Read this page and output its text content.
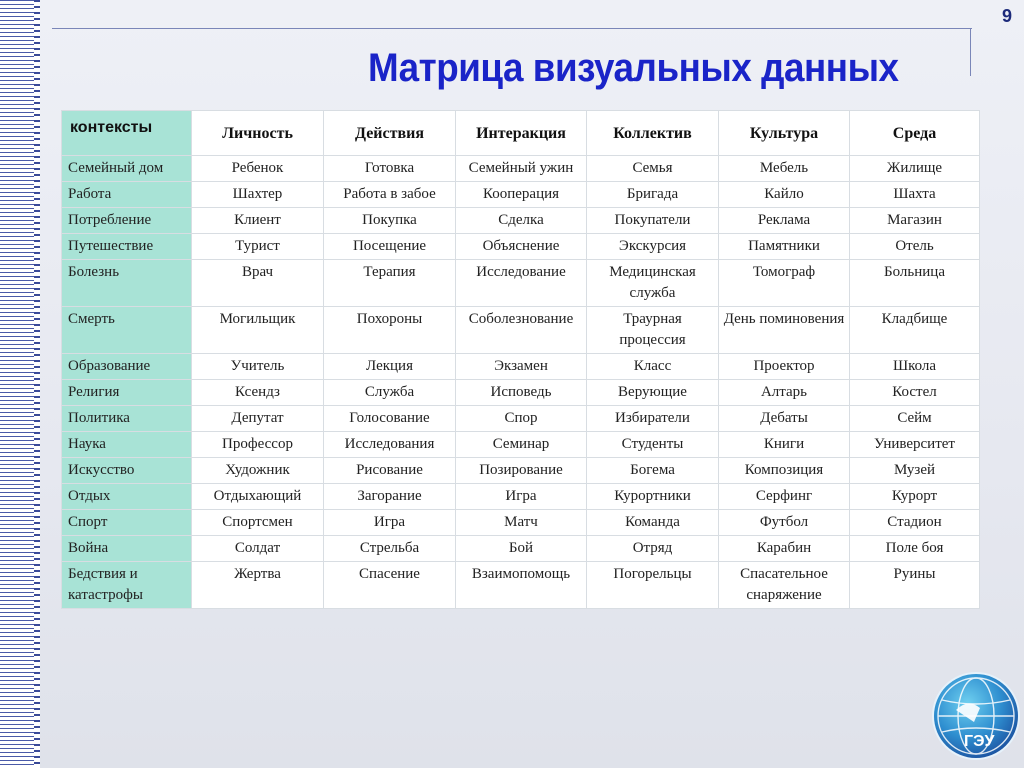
9
Матрица визуальных данных
контексты	Личность	Действия	Интеракция	Коллектив	Культура	Среда
Семейный дом	Ребенок	Готовка	Семейный ужин	Семья	Мебель	Жилище
Работа	Шахтер	Работа в забое	Кооперация	Бригада	Кайло	Шахта
Потребление	Клиент	Покупка	Сделка	Покупатели	Реклама	Магазин
Путешествие	Турист	Посещение	Объяснение	Экскурсия	Памятники	Отель
Болезнь	Врач	Терапия	Исследование	Медицинская служба	Томограф	Больница
Смерть	Могильщик	Похороны	Соболезнование	Траурная процессия	День поминовения	Кладбище
Образование	Учитель	Лекция	Экзамен	Класс	Проектор	Школа
Религия	Ксендз	Служба	Исповедь	Верующие	Алтарь	Костел
Политика	Депутат	Голосование	Спор	Избиратели	Дебаты	Сейм
Наука	Профессор	Исследования	Семинар	Студенты	Книги	Университет
Искусство	Художник	Рисование	Позирование	Богема	Композиция	Музей
Отдых	Отдыхающий	Загорание	Игра	Курортники	Серфинг	Курорт
Спорт	Спортсмен	Игра	Матч	Команда	Футбол	Стадион
Война	Солдат	Стрельба	Бой	Отряд	Карабин	Поле боя
Бедствия и катастрофы	Жертва	Спасение	Взаимопомощь	Погорельцы	Спасательное снаряжение	Руины
ГЭУ
